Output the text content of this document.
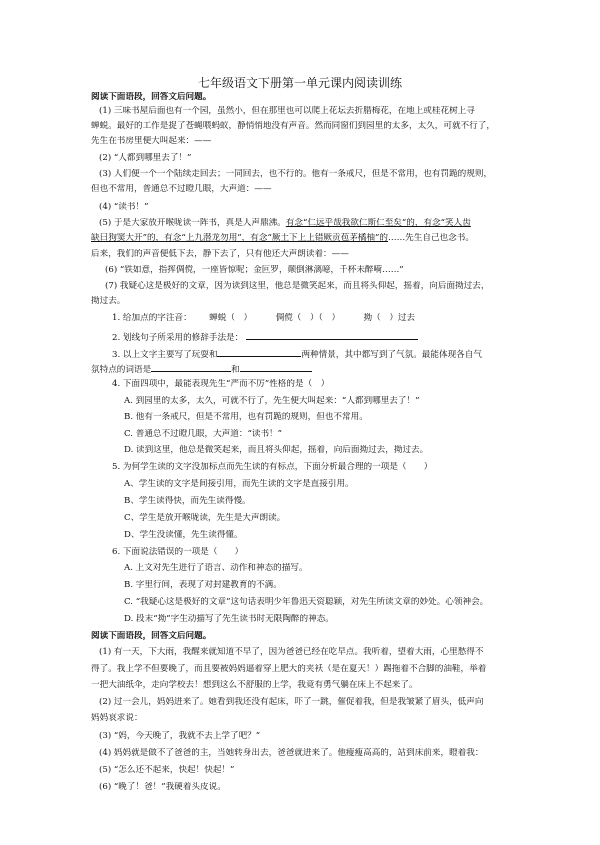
七年级语文下册第一单元课内阅读训练
阅读下面语段，回答文后问题。
(1) 三味书屋后面也有一个园，虽然小，但在那里也可以爬上花坛去折腊梅花，在地上或桂花树上寻
蝉蜕。最好的工作是捉了苍蝇喂蚂蚁，静悄悄地没有声音。然而同窗们到园里的太多，太久，可就不行了，
先生在书房里便大叫起来：——
(2) “人都到哪里去了！”
(3) 人们便一个一个陆续走回去；一同回去，也不行的。他有一条戒尺，但是不常用，也有罚跪的规则，
但也不常用，普通总不过瞪几眼，大声道：——
(4) “读书！”
(5) 于是大家放开喉咙读一阵书，真是人声鼎沸。有念“仁远乎哉我欲仁斯仁至矣”的，有念“笑人齿
缺曰狗窦大开”的，有念“上九潜龙勿用”，有念“厥土下上上错厥贡苞茅橘柚”的……先生自己也念书。
后来，我们的声音便低下去，静下去了，只有他还大声朗读着：——
(6) “铁如意，指挥倜傥，一座皆惊呢；金叵罗，颠倒淋漓噫，千杯未醉嗬……”
(7) 我疑心这是极好的文章，因为读到这里，他总是微笑起来，而且将头仰起，摇着，向后面拗过去，
拗过去。
1. 给加点的字注音： 蝉蜕（　）	倜傥（　）（　）	拗（　）过去
2. 划线句子所采用的修辞手法是：
3. 以上文字主要写了玩耍和	两种情景，其中都写到了气氛。最能体现各自气
氛特点的词语是	和
4. 下面四项中，最能表现先生“严而不厉”性格的是（　）
A. 到园里的太多，太久，可就不行了，先生便大叫起来：“人都到哪里去了！”
B. 他有一条戒尺，但是不常用，也有罚跪的规则，但也不常用。
C. 普通总不过瞪几眼，大声道：“读书！”
D. 读到这里，他总是微笑起来，而且将头仰起，摇着，向后面拗过去，拗过去。
5. 为何学生读的文字没加标点而先生读的有标点，下面分析最合理的一项是（　　）
A、学生读的文字是间接引用，而先生读的文字是直接引用。
B、学生读得快，而先生读得慢。
C、学生是放开喉咙读，先生是大声朗读。
D、学生没读懂，先生读得懂。
6. 下面说法错误的一项是（　　）
A. 上文对先生进行了语言、动作和神态的描写。
B. 字里行间，表现了对封建教育的不满。
C. “我疑心这是极好的文章”这句话表明少年鲁迅天资聪颖，对先生所读文章的妙处。心领神会。
D. 段末“拗”字生动描写了先生读书时无限陶醉的神态。
阅读下面语段，回答文后问题。
(1) 有一天，下大雨，我醒来就知道不早了，因为爸爸已经在吃早点。我听着，望着大雨，心里愁得不
得了。我上学不但要晚了，而且要被妈妈逼着穿上肥大的夹袄（是在夏天！）踢拖着不合脚的油鞋，举着
一把大油纸伞，走向学校去！想到这么不舒服的上学，我竟有勇气躺在床上不起来了。
(2) 过一会儿，妈妈进来了。她看到我还没有起床，吓了一跳，催促着我，但是我皱紧了眉头，低声向
妈妈哀求说：
(3) “妈，今天晚了，我就不去上学了吧？”
(4) 妈妈就是做不了爸爸的主，当她转身出去，爸爸就进来了。他瘦瘦高高的，站到床前来，瞪着我：
(5) “怎么还不起来，快起！快起！”
(6) “晚了！爸！”我硬着头皮说。
